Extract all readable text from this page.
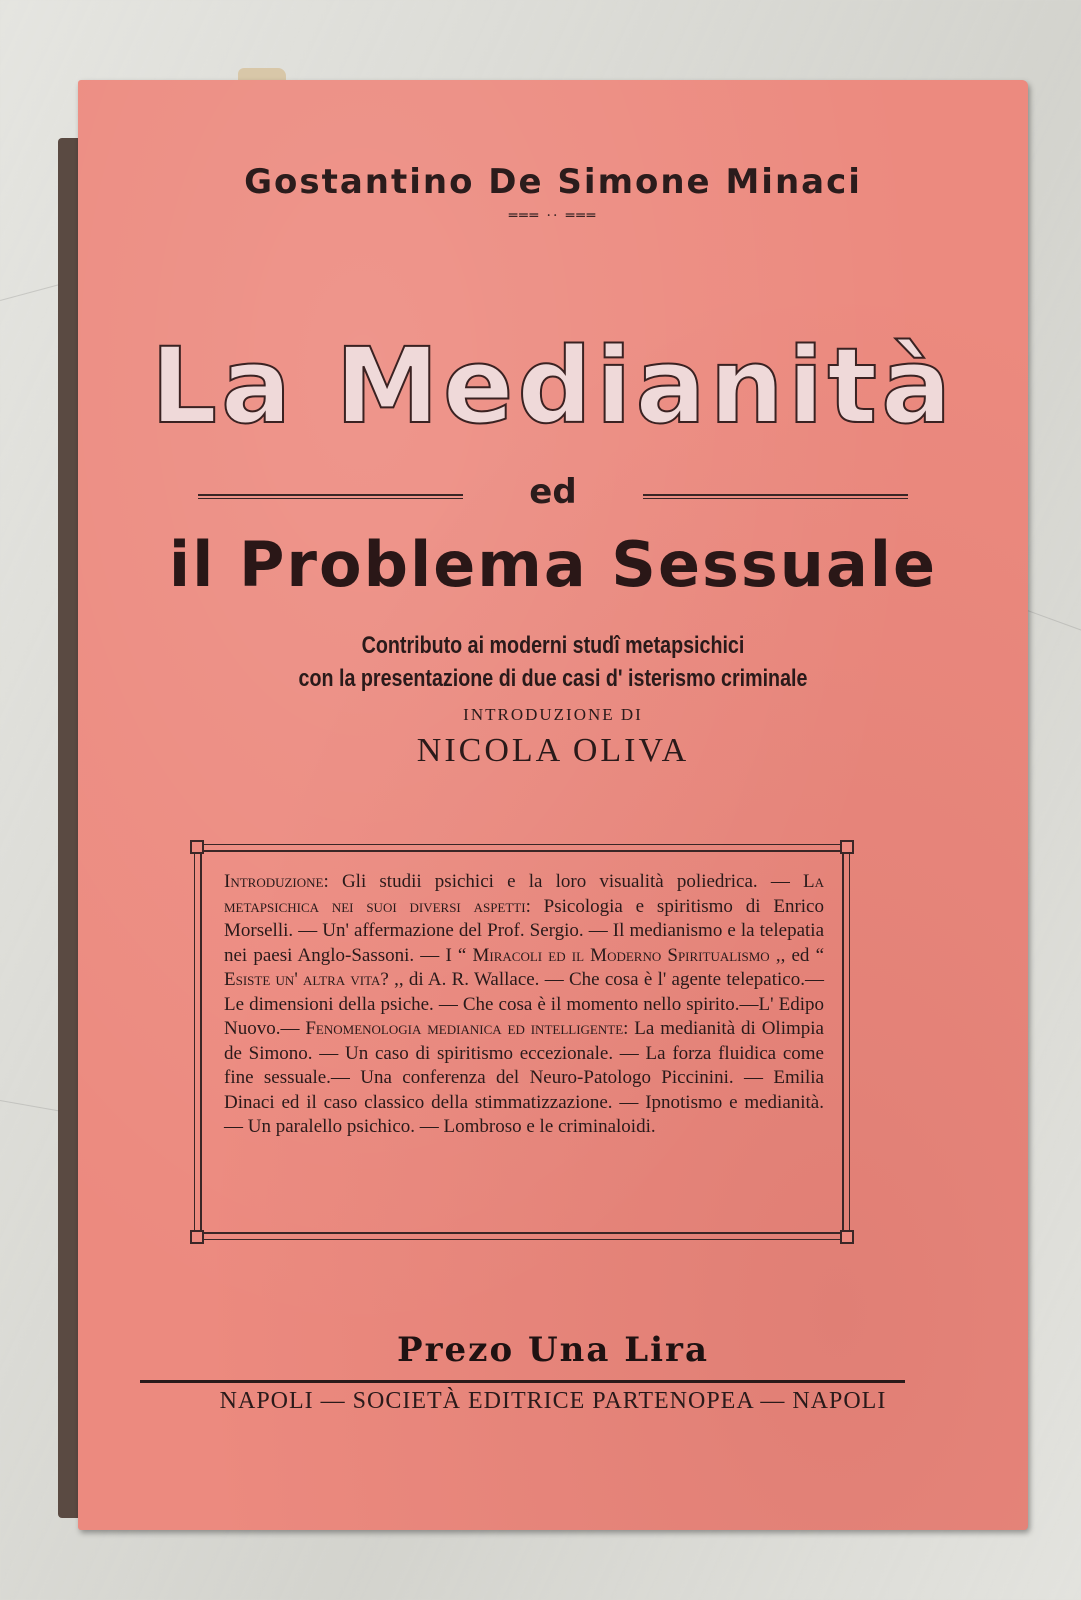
Gostantino De Simone Minaci
═══ ·· ═══
La Medianità
ed
il Problema Sessuale
Contributo ai moderni studî metapsichici
con la presentazione di due casi d' isterismo criminale
INTRODUZIONE DI
NICOLA OLIVA
Introduzione: Gli studii psichici e la loro visualità poliedrica. — La metapsichica nei suoi diversi aspetti: Psicologia e spiritismo di Enrico Morselli. — Un' affermazione del Prof. Sergio. — Il medianismo e la telepatia nei paesi Anglo-Sassoni. — I “ Miracoli ed il Moderno Spiritualismo ,, ed “ Esiste un' altra vita? ,, di A. R. Wallace. — Che cosa è l' agente telepatico.— Le dimensioni della psiche. — Che cosa è il momento nello spirito.—L' Edipo Nuovo.— Fenomenologia medianica ed intelligente: La medianità di Olimpia de Simono. — Un caso di spiritismo eccezionale. — La forza fluidica come fine sessuale.— Una conferenza del Neuro-Patologo Piccinini. — Emilia Dinaci ed il caso classico della stimmatizzazione. — Ipnotismo e medianità. — Un paralello psichico. — Lombroso e le criminaloidi.
Prezo Una Lira
NAPOLI — SOCIETÀ EDITRICE PARTENOPEA — NAPOLI
